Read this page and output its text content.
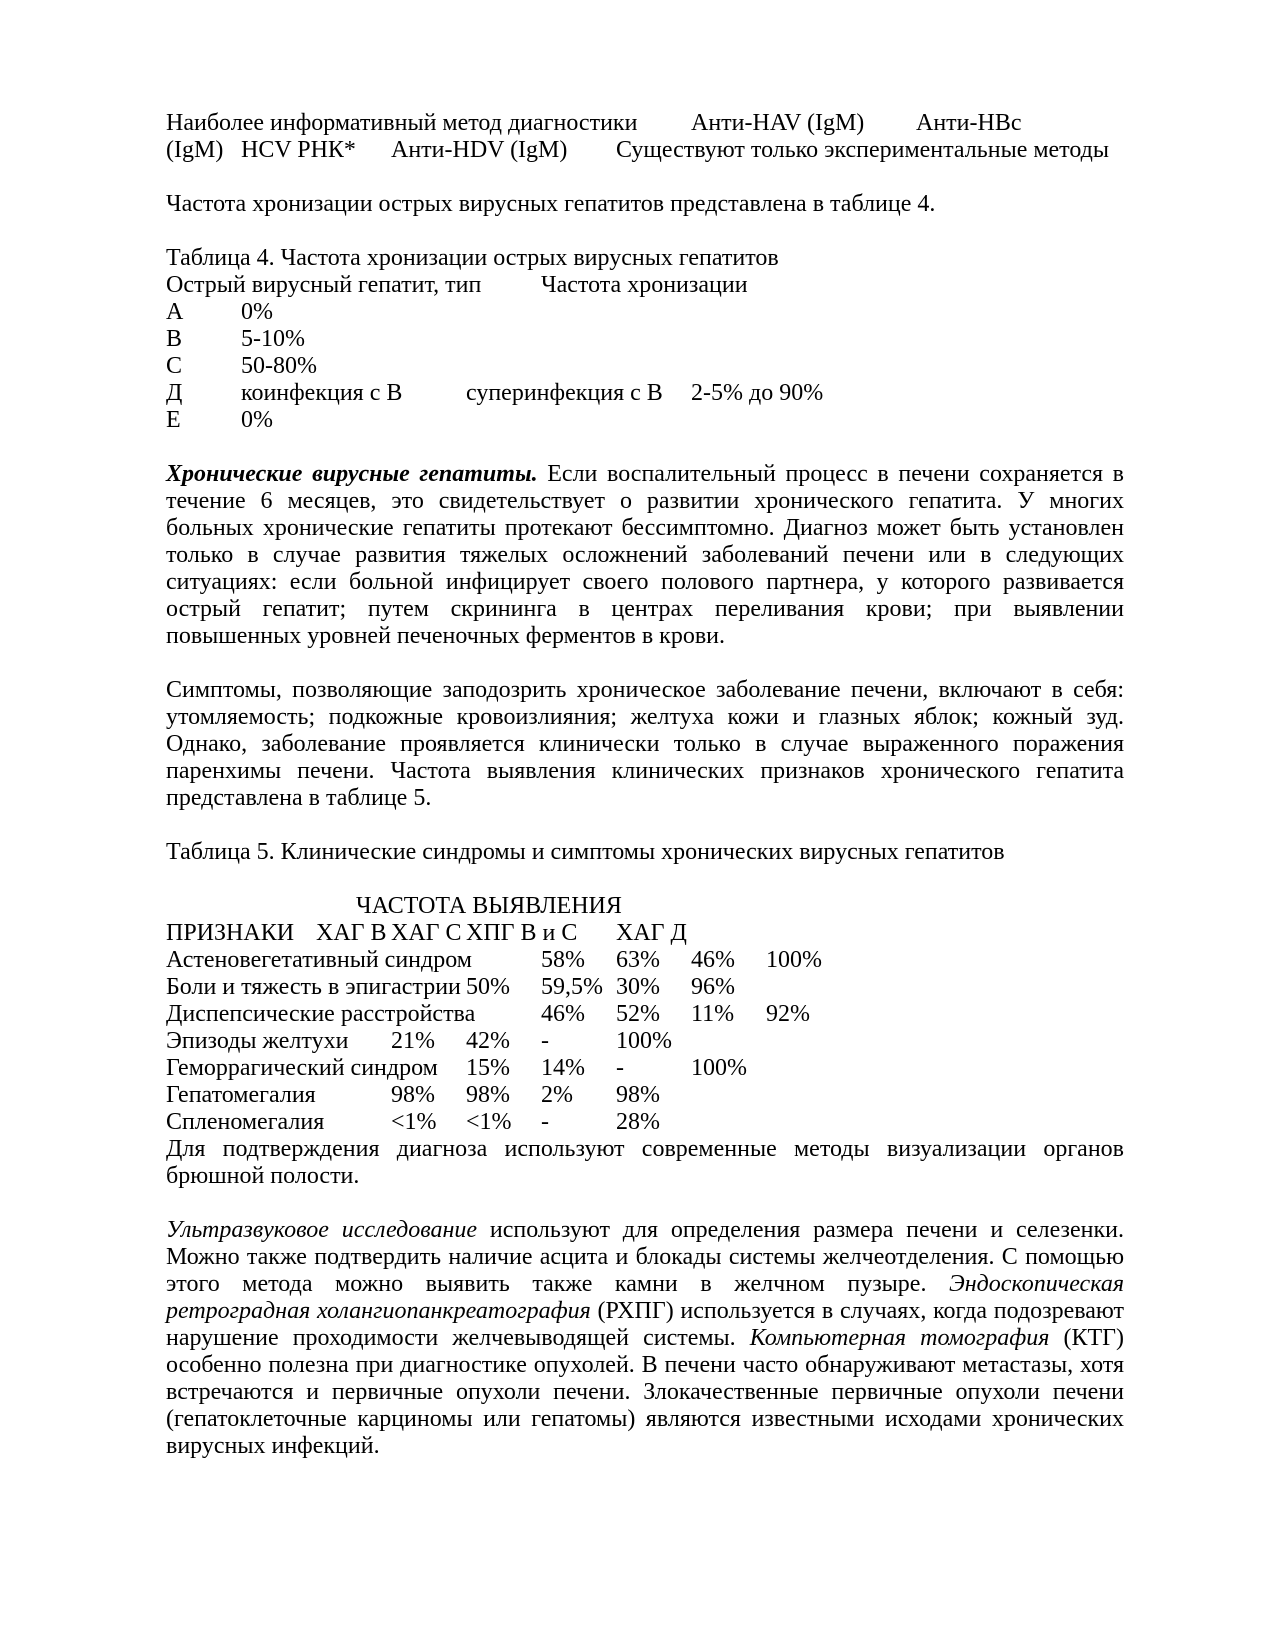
Наиболее информативный метод диагностики	Анти-HAV (IgM)	Анти-HBc
(IgM)	HCV РНК*	Анти-HDV (IgM)	Существуют только экспериментальные методы
Частота хронизации острых вирусных гепатитов представлена в таблице 4.
Таблица 4. Частота хронизации острых вирусных гепатитов
Острый вирусный гепатит, тип	Частота хронизации
А	0%
В	5-10%
С	50-80%
Д	коинфекция с В	суперинфекция с В	2-5% до 90%
Е	0%
Хронические вирусные гепатиты. Если воспалительный процесс в печени сохраняется в течение 6 месяцев, это свидетельствует о развитии хронического гепатита. У многих больных хронические гепатиты протекают бессимптомно. Диагноз может быть установлен только в случае развития тяжелых осложнений заболеваний печени или в следующих ситуациях: если больной инфицирует своего полового партнера, у которого развивается острый гепатит; путем скрининга в центрах переливания крови; при выявлении повышенных уровней печеночных ферментов в крови.
Симптомы, позволяющие заподозрить хроническое заболевание печени, включают в себя: утомляемость; подкожные кровоизлияния; желтуха кожи и глазных яблок; кожный зуд. Однако, заболевание проявляется клинически только в случае выраженного поражения паренхимы печени. Частота выявления клинических признаков хронического гепатита представлена в таблице 5.
Таблица 5. Клинические синдромы и симптомы хронических вирусных гепатитов
ЧАСТОТА ВЫЯВЛЕНИЯ
ПРИЗНАКИ	ХАГ В	ХАГ С	ХПГ В и С	ХАГ Д
Астеновегетативный синдром	58%	63%	46%	100%
Боли и тяжесть в эпигастрии	50%	59,5%	30%	96%
Диспепсические расстройства	46%	52%	11%	92%
Эпизоды желтухи	21%	42%	-	100%
Геморрагический синдром	15%	14%	-	100%
Гепатомегалия	98%	98%	2%	98%
Спленомегалия	<1%	<1%	-	28%
Для подтверждения диагноза используют современные методы визуализации органов брюшной полости.
Ультразвуковое исследование используют для определения размера печени и селезенки. Можно также подтвердить наличие асцита и блокады системы желчеотделения. С помощью этого метода можно выявить также камни в желчном пузыре. Эндоскопическая ретроградная холангиопанкреатография (РХПГ) используется в случаях, когда подозревают нарушение проходимости желчевыводящей системы. Компьютерная томография (КТГ) особенно полезна при диагностике опухолей. В печени часто обнаруживают метастазы, хотя встречаются и первичные опухоли печени. Злокачественные первичные опухоли печени (гепатоклеточные карциномы или гепатомы) являются известными исходами хронических вирусных инфекций.
